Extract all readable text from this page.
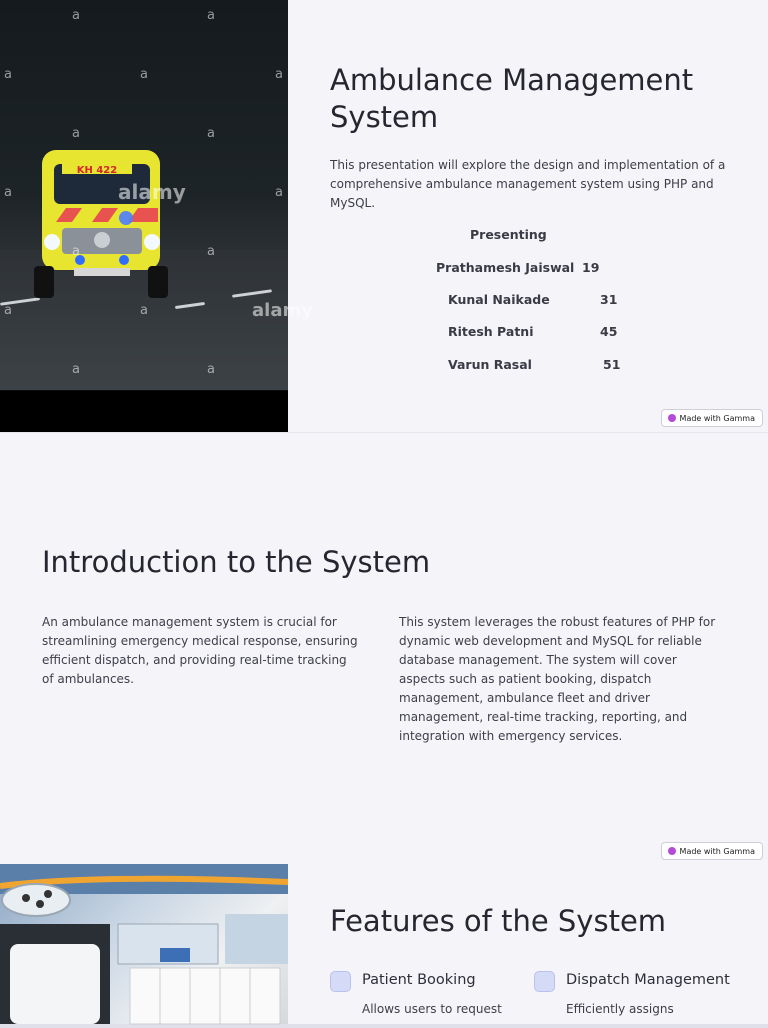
KH 422
a	a
a	a	a
a	a
a	a
alamy
a	a
a	a	alamy
a	a
Ambulance Management
System

This presentation will explore the design and implementation of a comprehensive ambulance management system using PHP and MySQL.

Presenting
Prathamesh Jaiswal 19
Kunal Naikade	31
Ritesh Patni	45
Varun Rasal	51
Made with Gamma
Introduction to the System

An ambulance management system is crucial for streamlining emergency medical response, ensuring efficient dispatch, and providing real-time tracking of ambulances.

This system leverages the robust features of PHP for dynamic web development and MySQL for reliable database management. The system will cover aspects such as patient booking, dispatch management, ambulance fleet and driver management, real-time tracking, reporting, and integration with emergency services.

Made with Gamma
Features of the System
Patient Booking
Allows users to request
Dispatch Management
Efficiently assigns
